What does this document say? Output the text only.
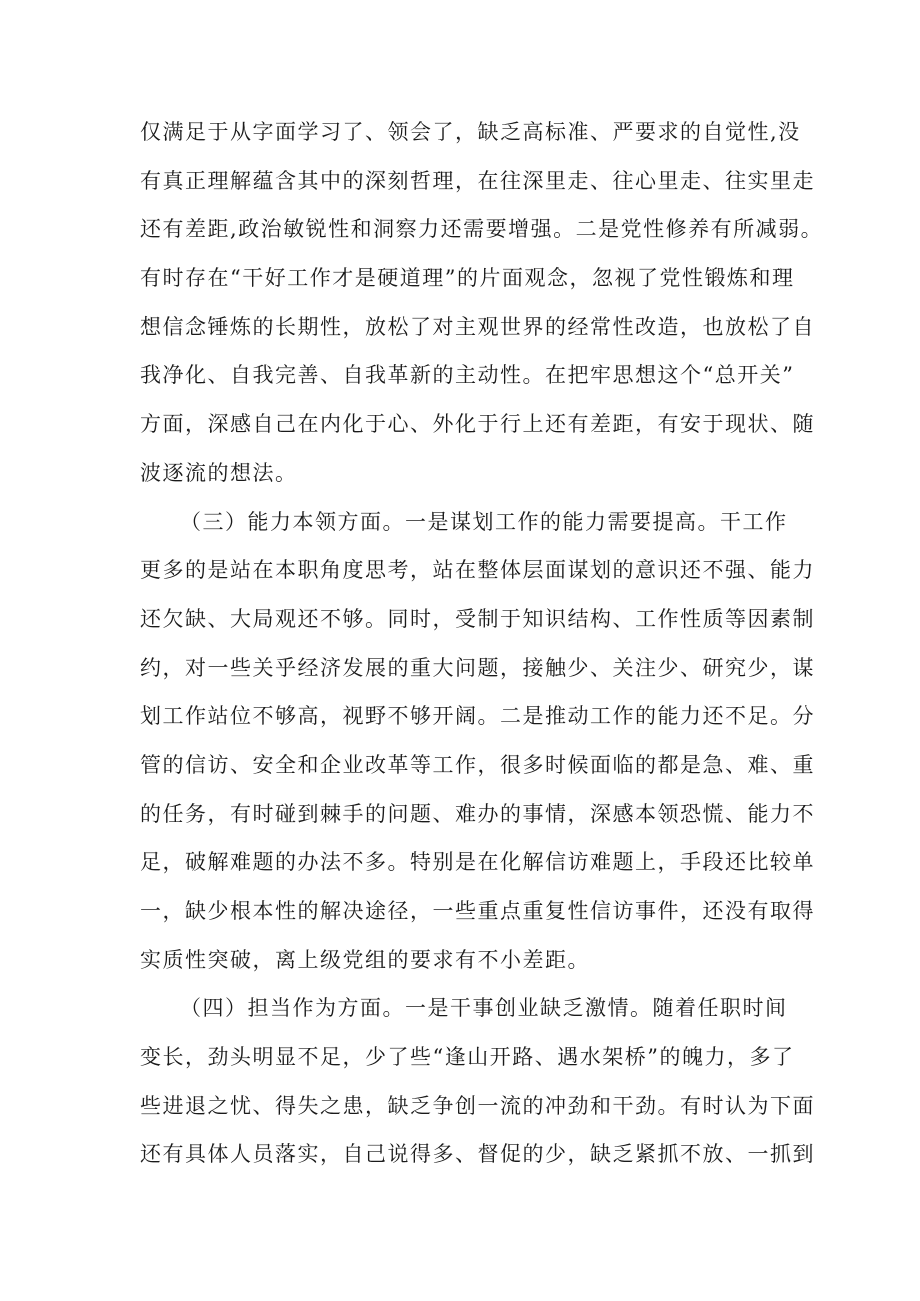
仅满足于从字面学习了、领会了，缺乏高标准、严要求的自觉性,没
有真正理解蕴含其中的深刻哲理，在往深里走、往心里走、往实里走
还有差距,政治敏锐性和洞察力还需要增强。二是党性修养有所减弱。
有时存在“干好工作才是硬道理”的片面观念，忽视了党性锻炼和理
想信念锤炼的长期性，放松了对主观世界的经常性改造，也放松了自
我净化、自我完善、自我革新的主动性。在把牢思想这个“总开关”
方面，深感自己在内化于心、外化于行上还有差距，有安于现状、随
波逐流的想法。
（三）能力本领方面。一是谋划工作的能力需要提高。干工作
更多的是站在本职角度思考，站在整体层面谋划的意识还不强、能力
还欠缺、大局观还不够。同时，受制于知识结构、工作性质等因素制
约，对一些关乎经济发展的重大问题，接触少、关注少、研究少，谋
划工作站位不够高，视野不够开阔。二是推动工作的能力还不足。分
管的信访、安全和企业改革等工作，很多时候面临的都是急、难、重
的任务，有时碰到棘手的问题、难办的事情，深感本领恐慌、能力不
足，破解难题的办法不多。特别是在化解信访难题上，手段还比较单
一，缺少根本性的解决途径，一些重点重复性信访事件，还没有取得
实质性突破，离上级党组的要求有不小差距。
（四）担当作为方面。一是干事创业缺乏激情。随着任职时间
变长，劲头明显不足，少了些“逢山开路、遇水架桥”的魄力，多了
些进退之忧、得失之患，缺乏争创一流的冲劲和干劲。有时认为下面
还有具体人员落实，自己说得多、督促的少，缺乏紧抓不放、一抓到
